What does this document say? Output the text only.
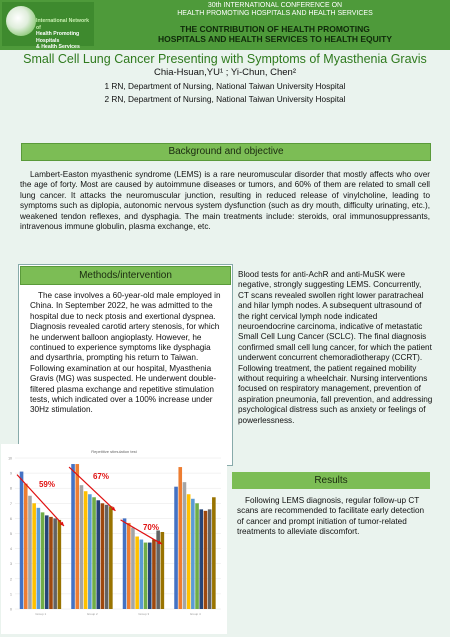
International Network of
Health Promoting Hospitals
& Health Services
30th INTERNATIONAL CONFERENCE ON
HEALTH PROMOTING HOSPITALS AND HEALTH SERVICES
THE CONTRIBUTION OF HEALTH PROMOTING
HOSPITALS AND HEALTH SERVICES TO HEALTH EQUITY
Small Cell Lung Cancer Presenting with Symptoms of Myasthenia Gravis
Chia-Hsuan,YU¹ ; Yi-Chun, Chen²
1 RN, Department of Nursing, National Taiwan University Hospital
2 RN, Department of Nursing, National Taiwan University Hospital
Background and objective
Lambert-Easton myasthenic syndrome (LEMS) is a rare neuromuscular disorder that mostly affects who over the age of forty. Most are caused by autoimmune diseases or tumors, and 60% of them are related to small cell lung cancer. It attacks the neuromuscular junction, resulting in reduced release of vinylcholine, leading to symptoms such as diplopia, autonomic nervous system dysfunction (such as dry mouth, difficulty urinating, etc.), weakened tendon reflexes, and dysphagia. The main treatments include: steroids, oral immunosuppressants, intravenous immune globulin, plasma exchange, etc.
Methods/intervention
The case involves a 60-year-old male employed in China. In September 2022, he was admitted to the hospital due to neck ptosis and exertional dyspnea. Diagnosis revealed carotid artery stenosis, for which he underwent balloon angioplasty. However, he continued to experience symptoms like dysphagia and dysarthria, prompting his return to Taiwan. Following examination at our hospital, Myasthenia Gravis (MG) was suspected. He underwent double-filtered plasma exchange and repetitive stimulation tests, which indicated over a 100% increase under 30Hz stimulation.
Blood tests for anti-AchR and anti-MuSK were negative, strongly suggesting LEMS. Concurrently, CT scans revealed swollen right lower paratracheal and hilar lymph nodes. A subsequent ultrasound of the right cervical lymph node indicated neuroendocrine carcinoma, indicative of metastatic Small Cell Lung Cancer (SCLC). The final diagnosis confirmed small cell lung cancer, for which the patient underwent concurrent chemoradiotherapy (CCRT). Following treatment, the patient regained mobility without requiring a wheelchair. Nursing interventions focused on respiratory management, prevention of aspiration pneumonia, fall prevention, and addressing psychological distress such as anxiety or feelings of powerlessness.
Results
Following LEMS diagnosis, regular follow-up CT scans are recommended to facilitate early detection of cancer and prompt initiation of tumor-related treatments to alleviate discomfort.
Repetitive stimulation test
0
1
2
3
4
5
6
7
8
9
10
Group 1	Group 2	Group 3	Group 4
59%
67%
70%
